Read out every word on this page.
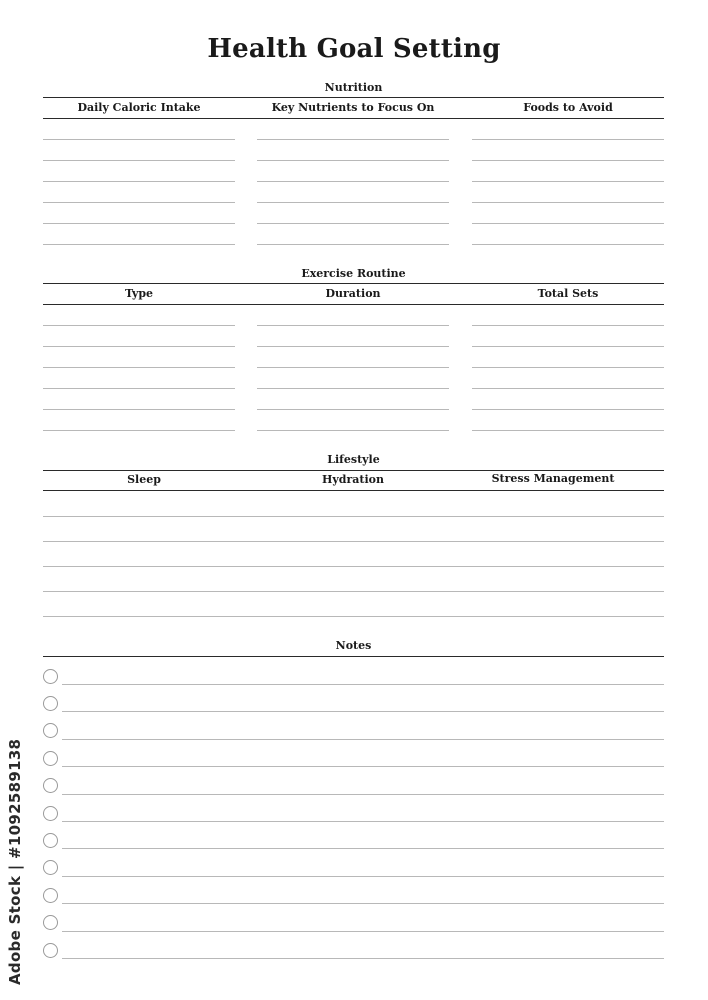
Health Goal Setting
Nutrition
Daily Caloric Intake	Key Nutrients to Focus On	Foods to Avoid
Exercise Routine
Type	Duration	Total Sets
Lifestyle
Sleep	Hydration	Stress Management
Notes
Adobe Stock | #1092589138
